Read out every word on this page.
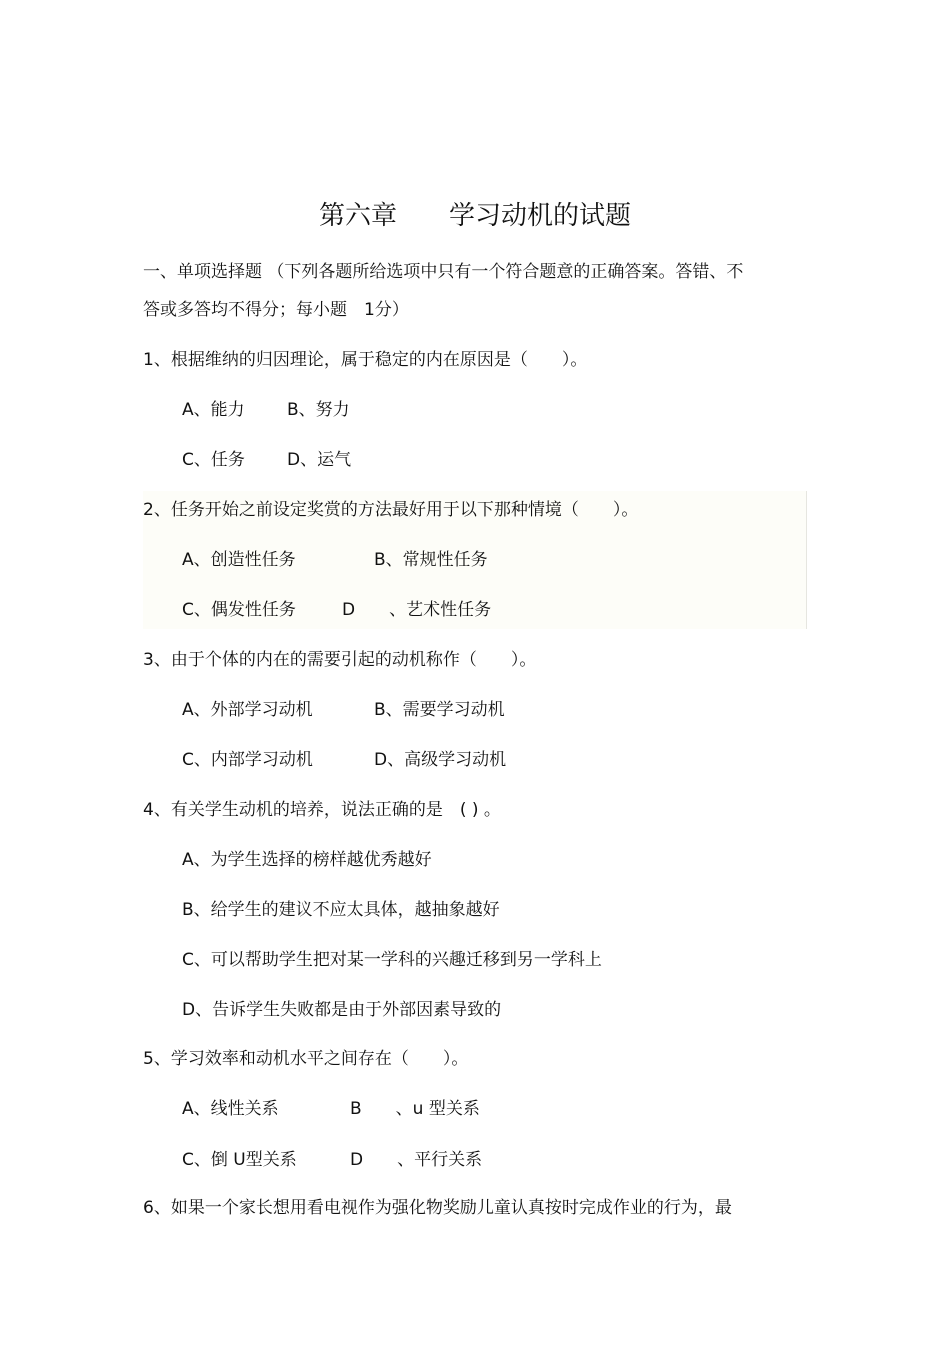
第六章　　学习动机的试题
一、单项选择题 （下列各题所给选项中只有一个符合题意的正确答案。答错、不
答或多答均不得分；每小题　1分）
1、根据维纳的归因理论，属于稳定的内在原因是（　　）。
A、能力 B、努力
C、任务 D、运气
2、任务开始之前设定奖赏的方法最好用于以下那种情境（　　）。
A、创造性任务	B、常规性任务
C、偶发性任务	D　　、艺术性任务
3、由于个体的内在的需要引起的动机称作（　　）。
A、外部学习动机	B、需要学习动机
C、内部学习动机	D、高级学习动机
4、有关学生动机的培养，说法正确的是　( ) 。
A、为学生选择的榜样越优秀越好
B、给学生的建议不应太具体，越抽象越好
C、可以帮助学生把对某一学科的兴趣迁移到另一学科上
D、告诉学生失败都是由于外部因素导致的
5、学习效率和动机水平之间存在（　　）。
A、线性关系	B　　、u 型关系
C、倒 U型关系	D　　、平行关系
6、如果一个家长想用看电视作为强化物奖励儿童认真按时完成作业的行为，最
